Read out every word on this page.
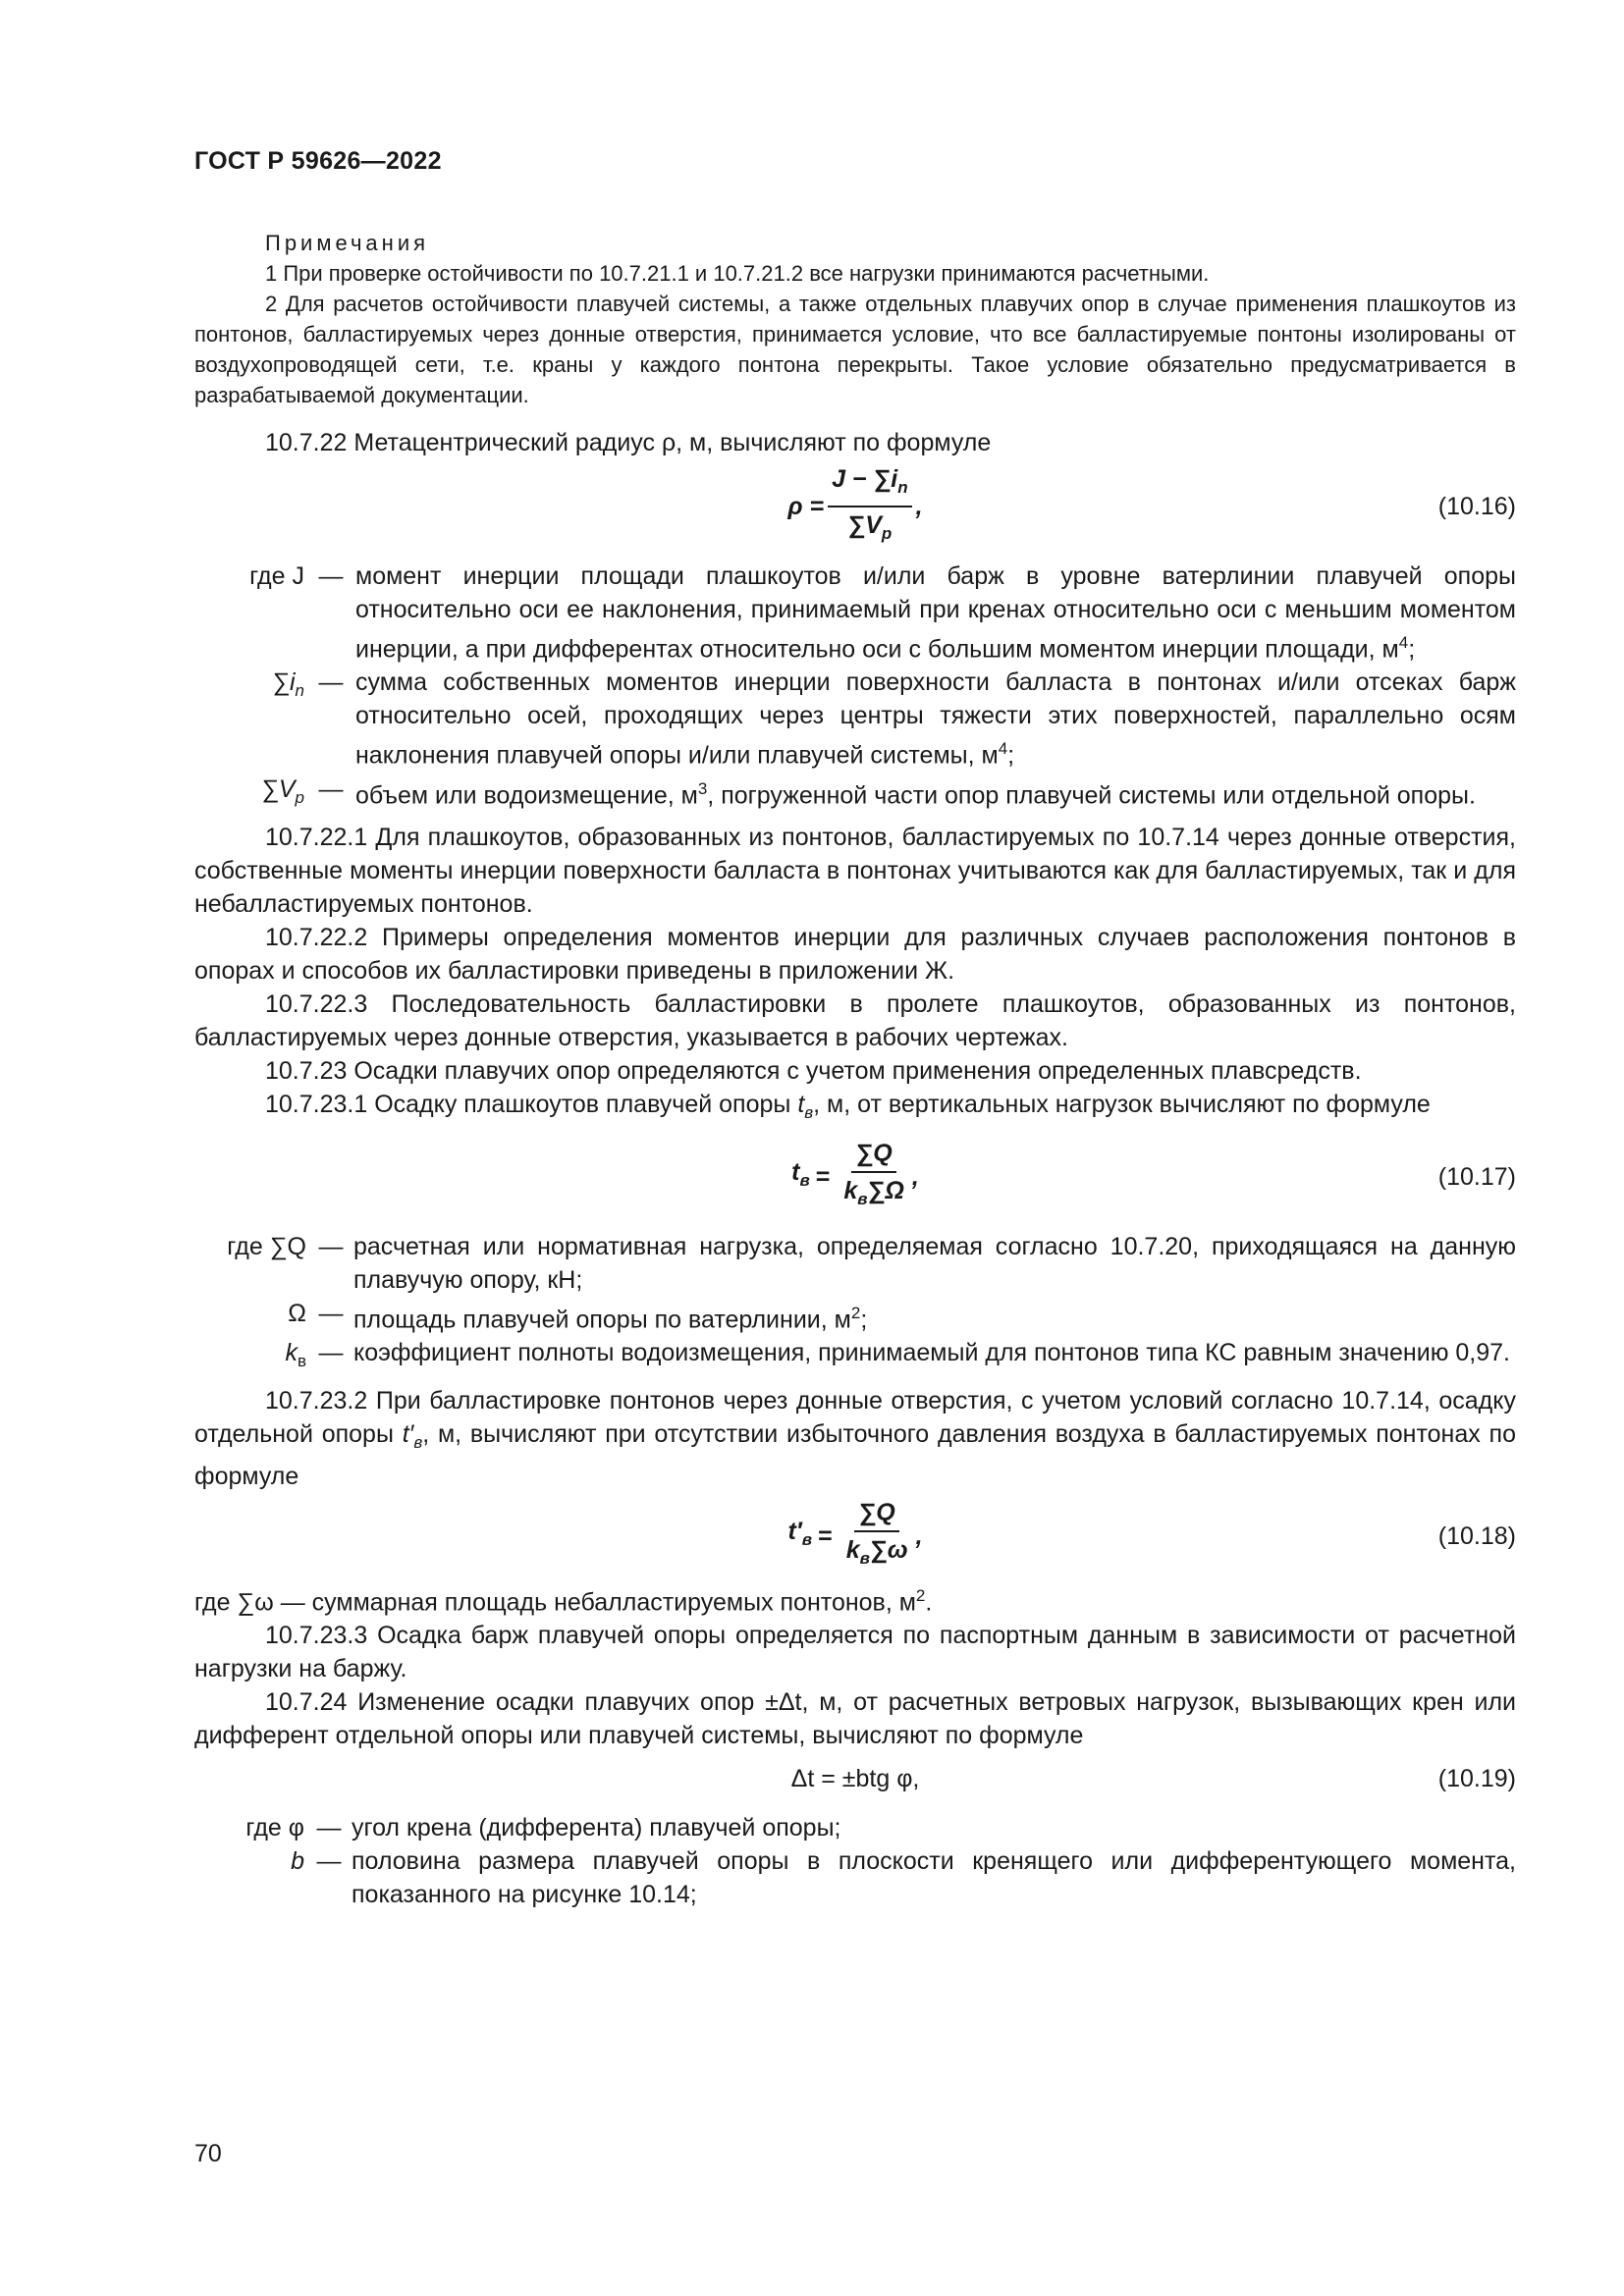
ГОСТ Р 59626—2022
Примечания

1 При проверке остойчивости по 10.7.21.1 и 10.7.21.2 все нагрузки принимаются расчетными.

2 Для расчетов остойчивости плавучей системы, а также отдельных плавучих опор в случае применения плашкоутов из понтонов, балластируемых через донные отверстия, принимается условие, что все балластируемые понтоны изолированы от воздухопроводящей сети, т.е. краны у каждого понтона перекрыты. Такое условие обязательно предусматривается в разрабатываемой документации.

10.7.22 Метацентрический радиус ρ, м, вычисляют по формуле

$\rho = \frac{J - \sum i_n}{\sum V_p}$ ,	(10.16)
где J — момент инерции площади плашкоутов и/или барж в уровне ватерлинии плавучей опоры относительно оси ее наклонения, принимаемый при кренах относительно оси с меньшим моментом инерции, а при дифферентах относительно оси с большим моментом инерции площади, $м^4$;
$\sum i_n$ — сумма собственных моментов инерции поверхности балласта в понтонах и/или отсеках барж относительно осей, проходящих через центры тяжести этих поверхностей, параллельно осям наклонения плавучей опоры и/или плавучей системы, $м^4$;
$\sum V_p$ — объем или водоизмещение, $м^3$, погруженной части опор плавучей системы или отдельной опоры.

10.7.22.1 Для плашкоутов, образованных из понтонов, балластируемых по 10.7.14 через донные отверстия, собственные моменты инерции поверхности балласта в понтонах учитываются как для балластируемых, так и для небалластируемых понтонов.

10.7.22.2 Примеры определения моментов инерции для различных случаев расположения понтонов в опорах и способов их балластировки приведены в приложении Ж.

10.7.22.3 Последовательность балластировки в пролете плашкоутов, образованных из понтонов, балластируемых через донные отверстия, указывается в рабочих чертежах.

10.7.23 Осадки плавучих опор определяются с учетом применения определенных плавсредств.

10.7.23.1 Осадку плашкоутов плавучей опоры $t_в$, м, от вертикальных нагрузок вычисляют по формуле

$t_в = \frac{\sum Q}{k_в\sum\Omega}$ ,	(10.17)
где ∑Q — расчетная или нормативная нагрузка, определяемая согласно 10.7.20, приходящаяся на данную плавучую опору, кН;
Ω — площадь плавучей опоры по ватерлинии, $м^2$;
$k_в$ — коэффициент полноты водоизмещения, принимаемый для понтонов типа КС равным значению 0,97.

10.7.23.2 При балластировке понтонов через донные отверстия, с учетом условий согласно 10.7.14, осадку отдельной опоры $t'_в$, м, вычисляют при отсутствии избыточного давления воздуха в балластируемых понтонах по формуле

$t'_в = \frac{\sum Q}{k_в\sum\omega}$ ,	(10.18)

где ∑ω — суммарная площадь небалластируемых понтонов, $м^2$.

10.7.23.3 Осадка барж плавучей опоры определяется по паспортным данным в зависимости от расчетной нагрузки на баржу.

10.7.24 Изменение осадки плавучих опор ±Δt, м, от расчетных ветровых нагрузок, вызывающих крен или дифферент отдельной опоры или плавучей системы, вычисляют по формуле

Δt = ±btg φ,	(10.19)
где φ — угол крена (дифферента) плавучей опоры;
b — половина размера плавучей опоры в плоскости кренящего или дифферентующего момента, показанного на рисунке 10.14;
70
